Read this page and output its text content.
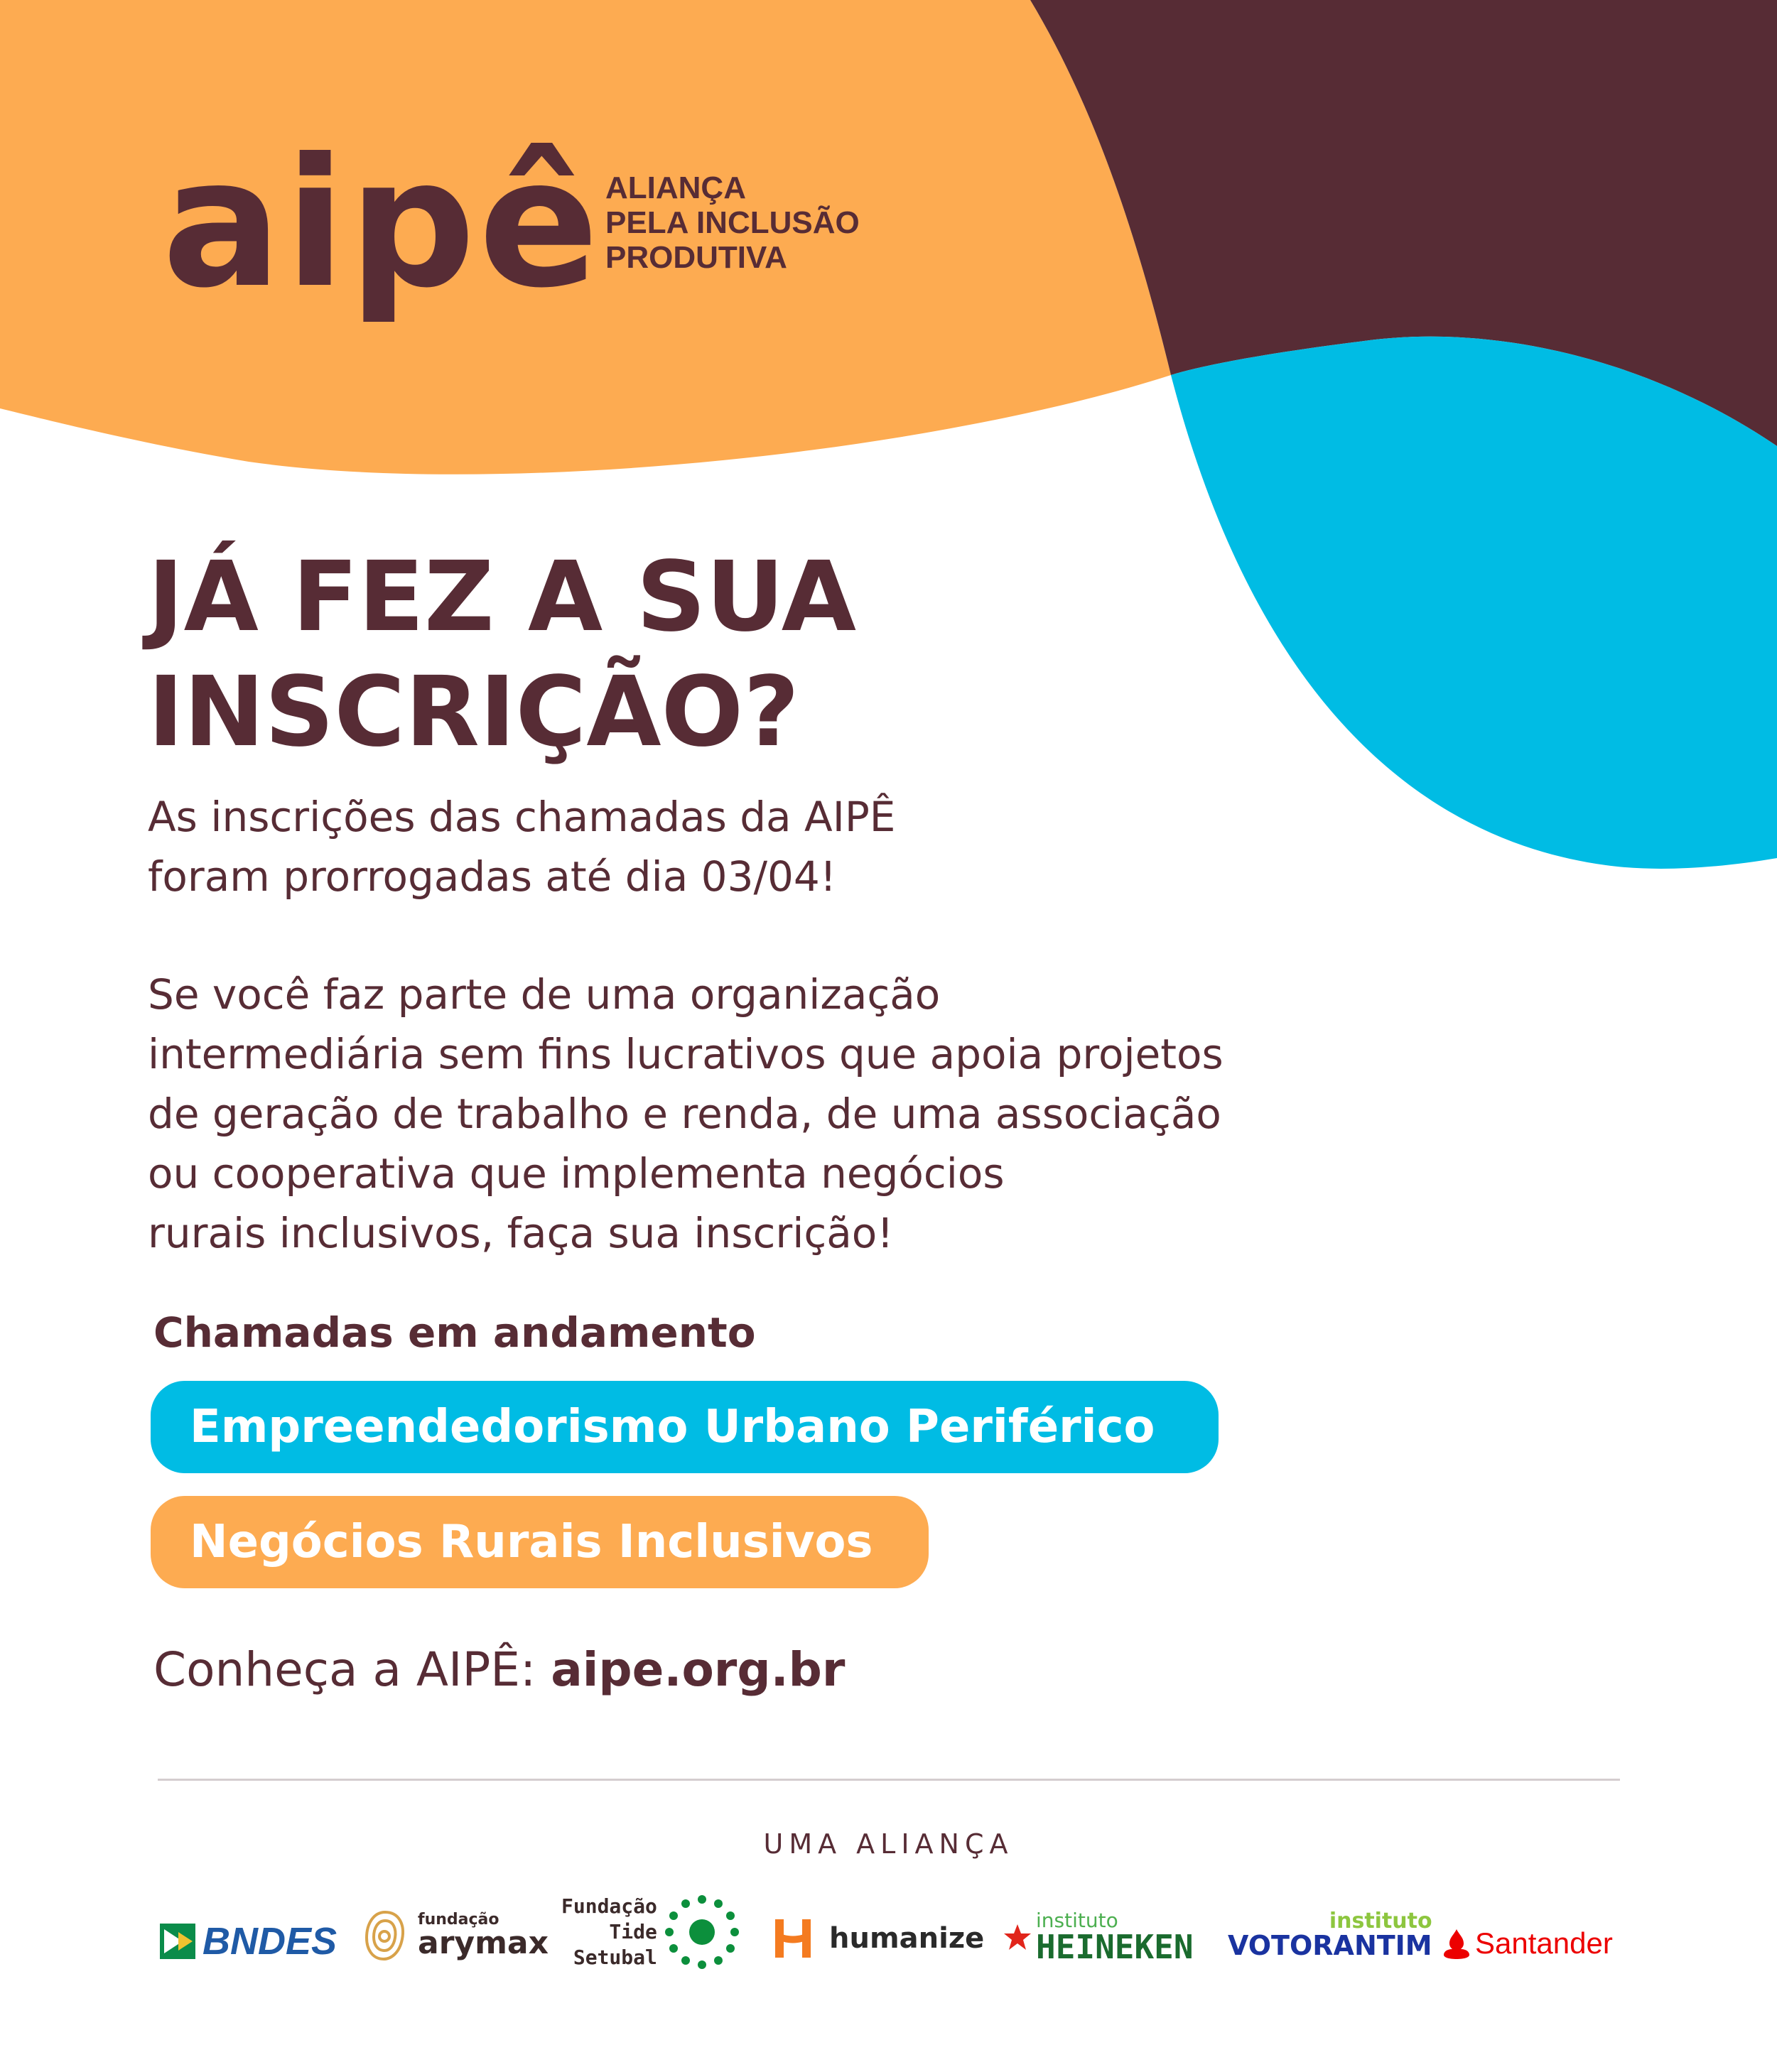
aipê ALIANÇA
PELA INCLUSÃO
PRODUTIVA
JÁ FEZ A SUA
INSCRIÇÃO?
As inscrições das chamadas da AIPÊ
foram prorrogadas até dia 03/04!
Se você faz parte de uma organização
intermediária sem fins lucrativos que apoia projetos
de geração de trabalho e renda, de uma associação
ou cooperativa que implementa negócios
rurais inclusivos, faça sua inscrição!
Chamadas em andamento
Empreendedorismo Urbano Periférico
Negócios Rurais Inclusivos
Conheça a AIPÊ: aipe.org.br
UMA ALIANÇA
BNDES
fundação
arymax
Fundação
Tide
Setubal
humanize
instituto
HEINEKEN
instituto
VOTORANTIM Santander
